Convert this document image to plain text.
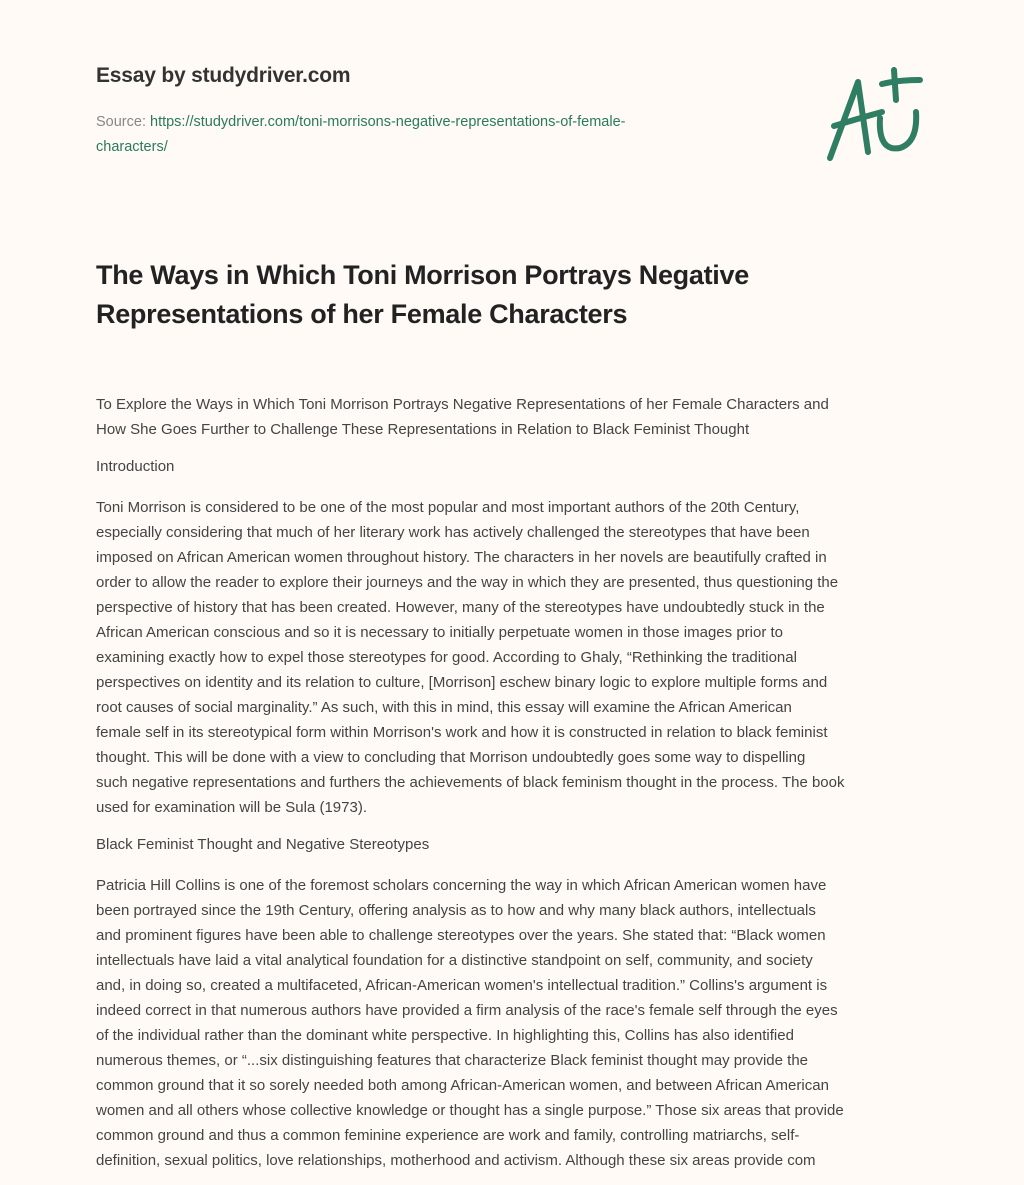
Essay by studydriver.com
Source: https://studydriver.com/toni-morrisons-negative-representations-of-female-
characters/
The Ways in Which Toni Morrison Portrays Negative
Representations of her Female Characters
To Explore the Ways in Which Toni Morrison Portrays Negative Representations of her Female Characters and
How She Goes Further to Challenge These Representations in Relation to Black Feminist Thought
Introduction
Toni Morrison is considered to be one of the most popular and most important authors of the 20th Century,
especially considering that much of her literary work has actively challenged the stereotypes that have been
imposed on African American women throughout history. The characters in her novels are beautifully crafted in
order to allow the reader to explore their journeys and the way in which they are presented, thus questioning the
perspective of history that has been created. However, many of the stereotypes have undoubtedly stuck in the
African American conscious and so it is necessary to initially perpetuate women in those images prior to
examining exactly how to expel those stereotypes for good. According to Ghaly, “Rethinking the traditional
perspectives on identity and its relation to culture, [Morrison] eschew binary logic to explore multiple forms and
root causes of social marginality.” As such, with this in mind, this essay will examine the African American
female self in its stereotypical form within Morrison's work and how it is constructed in relation to black feminist
thought. This will be done with a view to concluding that Morrison undoubtedly goes some way to dispelling
such negative representations and furthers the achievements of black feminism thought in the process. The book
used for examination will be Sula (1973).
Black Feminist Thought and Negative Stereotypes
Patricia Hill Collins is one of the foremost scholars concerning the way in which African American women have
been portrayed since the 19th Century, offering analysis as to how and why many black authors, intellectuals
and prominent figures have been able to challenge stereotypes over the years. She stated that: “Black women
intellectuals have laid a vital analytical foundation for a distinctive standpoint on self, community, and society
and, in doing so, created a multifaceted, African-American women's intellectual tradition.” Collins's argument is
indeed correct in that numerous authors have provided a firm analysis of the race's female self through the eyes
of the individual rather than the dominant white perspective. In highlighting this, Collins has also identified
numerous themes, or “...six distinguishing features that characterize Black feminist thought may provide the
common ground that it so sorely needed both among African-American women, and between African American
women and all others whose collective knowledge or thought has a single purpose.” Those six areas that provide
common ground and thus a common feminine experience are work and family, controlling matriarchs, self-
definition, sexual politics, love relationships, motherhood and activism. Although these six areas provide com
